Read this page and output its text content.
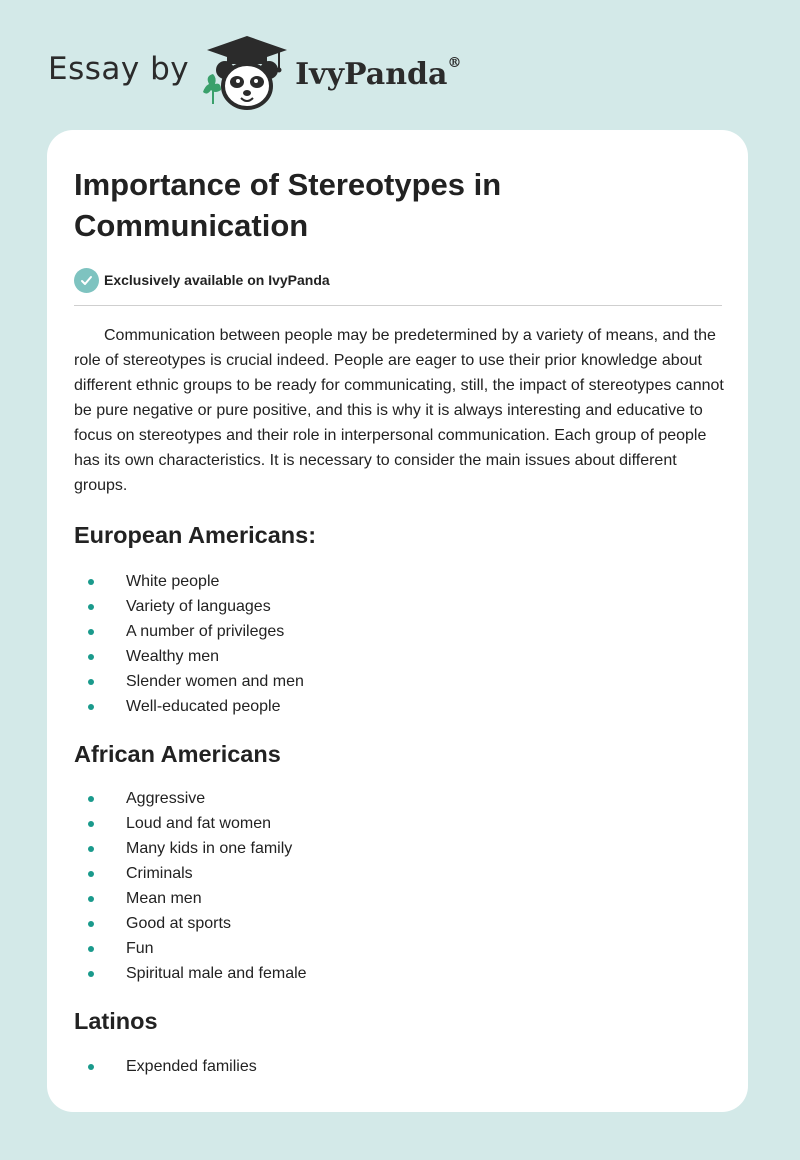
Essay by	IvyPanda®
Importance of Stereotypes in Communication
Exclusively available on IvyPanda

Communication between people may be predetermined by a variety of means, and the role of stereotypes is crucial indeed. People are eager to use their prior knowledge about different ethnic groups to be ready for communicating, still, the impact of stereotypes cannot be pure negative or pure positive, and this is why it is always interesting and educative to focus on stereotypes and their role in interpersonal communication. Each group of people has its own characteristics. It is necessary to consider the main issues about different groups.

European Americans:
White people
Variety of languages
A number of privileges
Wealthy men
Slender women and men
Well-educated people
African Americans
Aggressive
Loud and fat women
Many kids in one family
Criminals
Mean men
Good at sports
Fun
Spiritual male and female
Latinos
Expended families
